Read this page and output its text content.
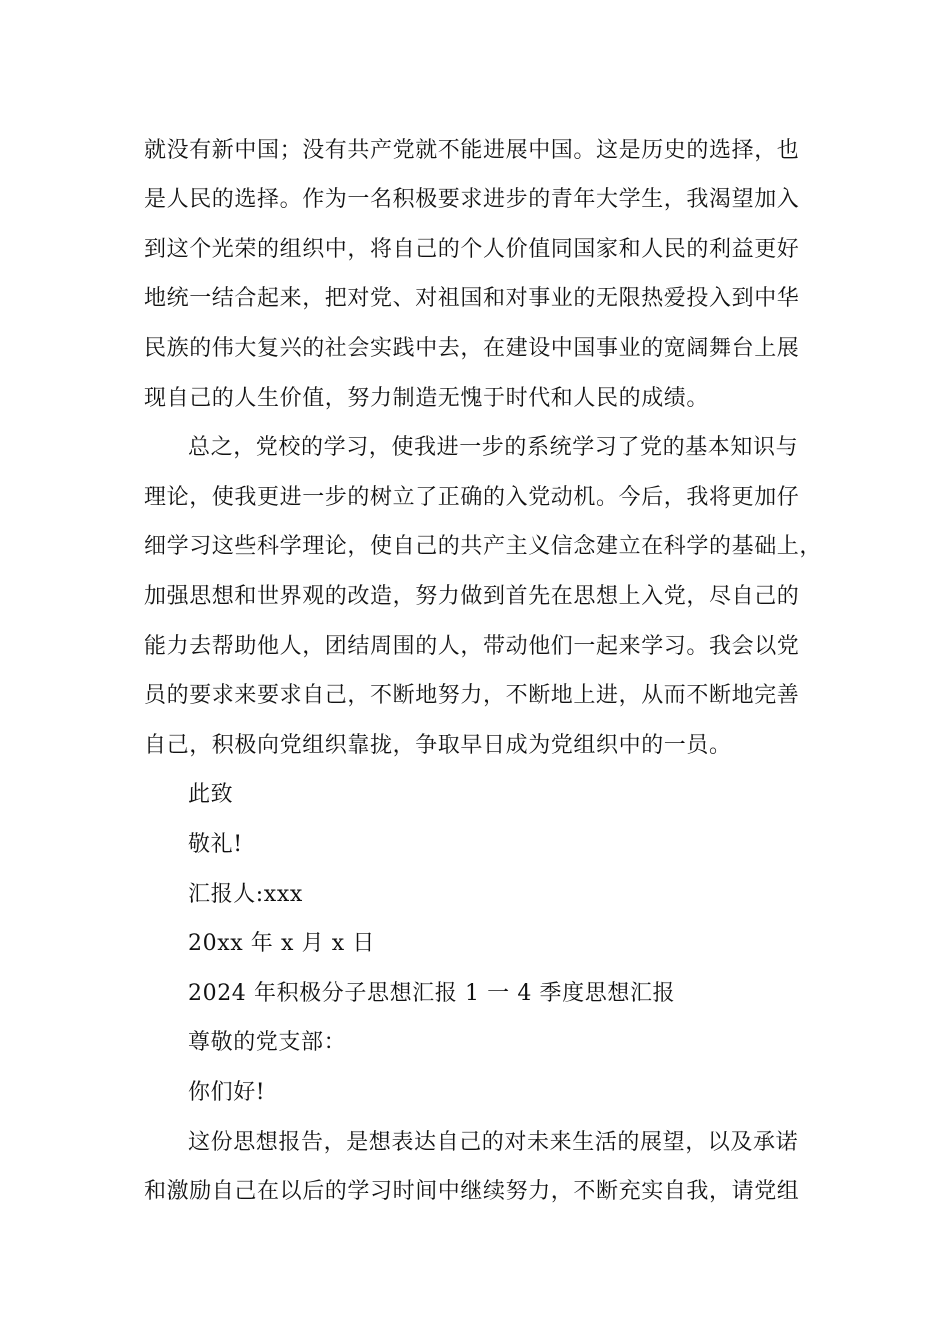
就没有新中国；没有共产党就不能进展中国。这是历史的选择，也
是人民的选择。作为一名积极要求进步的青年大学生，我渴望加入
到这个光荣的组织中，将自己的个人价值同国家和人民的利益更好
地统一结合起来，把对党、对祖国和对事业的无限热爱投入到中华
民族的伟大复兴的社会实践中去，在建设中国事业的宽阔舞台上展
现自己的人生价值，努力制造无愧于时代和人民的成绩。
总之，党校的学习，使我进一步的系统学习了党的基本知识与
理论，使我更进一步的树立了正确的入党动机。今后，我将更加仔
细学习这些科学理论，使自己的共产主义信念建立在科学的基础上，
加强思想和世界观的改造，努力做到首先在思想上入党，尽自己的
能力去帮助他人，团结周围的人，带动他们一起来学习。我会以党
员的要求来要求自己，不断地努力，不断地上进，从而不断地完善
自己，积极向党组织靠拢，争取早日成为党组织中的一员。
此致
敬礼!
汇报人:xxx
20xx 年 x 月 x 日
2024 年积极分子思想汇报 1 一 4 季度思想汇报
尊敬的党支部：
你们好!
这份思想报告，是想表达自己的对未来生活的展望，以及承诺
和激励自己在以后的学习时间中继续努力，不断充实自我，请党组
